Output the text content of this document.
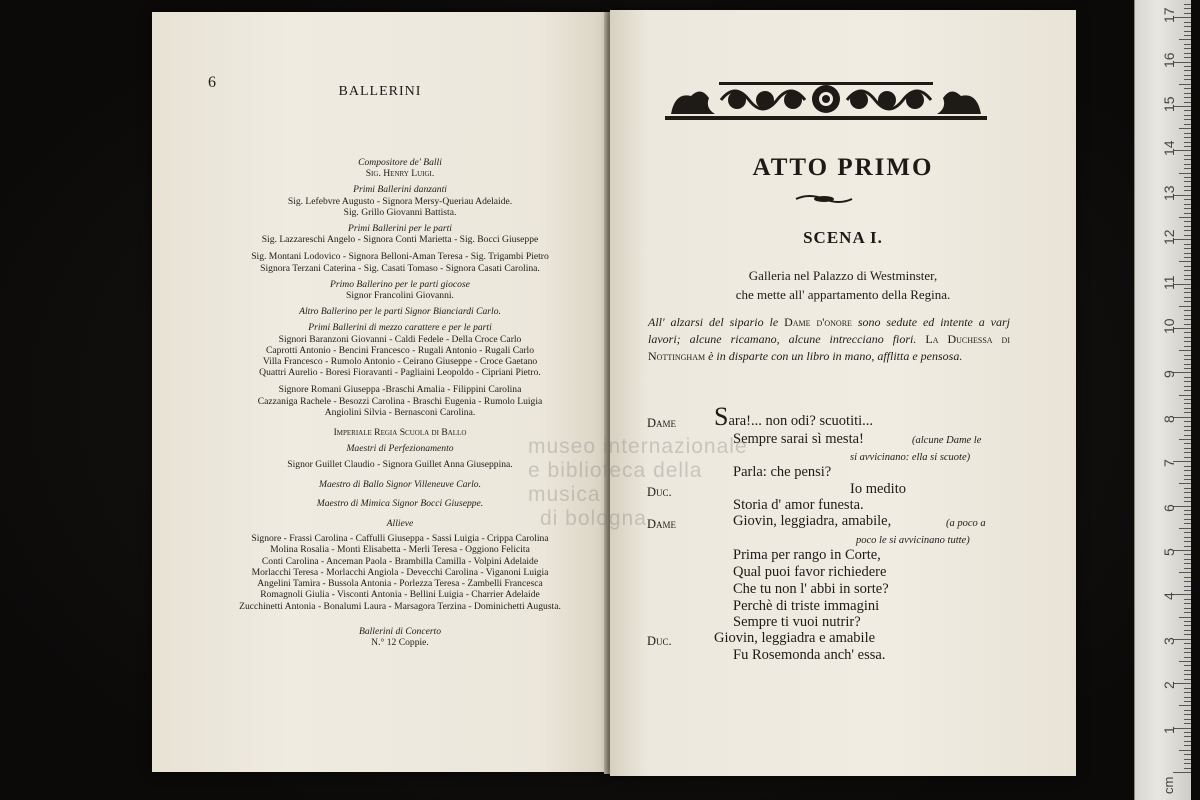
6
BALLERINI
Compositore de' Balli
Sig. Henry Luigi.
Primi Ballerini danzanti
Sig. Lefebvre Augusto - Signora Mersy-Queriau Adelaide.
Sig. Grillo Giovanni Battista.
Primi Ballerini per le parti
Sig. Lazzareschi Angelo - Signora Conti Marietta - Sig. Bocci Giuseppe
Sig. Montani Lodovico - Signora Belloni-Aman Teresa - Sig. Trigambi Pietro
Signora Terzani Caterina - Sig. Casati Tomaso - Signora Casati Carolina.
Primo Ballerino per le parti giocose
Signor Francolini Giovanni.
Altro Ballerino per le parti Signor Bianciardi Carlo.
Primi Ballerini di mezzo carattere e per le parti
Signori Baranzoni Giovanni - Caldi Fedele - Della Croce Carlo
Caprotti Antonio - Bencini Francesco - Rugali Antonio - Rugali Carlo
Villa Francesco - Rumolo Antonio - Ceirano Giuseppe - Croce Gaetano
Quattri Aurelio - Boresi Fioravanti - Pagliaini Leopoldo - Cipriani Pietro.
Signore Romani Giuseppa -Braschi Amalia - Filippini Carolina
Cazzaniga Rachele - Besozzi Carolina - Braschi Eugenia - Rumolo Luigia
Angiolini Silvia - Bernasconi Carolina.
Imperiale Regia Scuola di Ballo
Maestri di Perfezionamento
Signor Guillet Claudio - Signora Guillet Anna Giuseppina.
Maestro di Ballo Signor Villeneuve Carlo.
Maestro di Mimica Signor Bocci Giuseppe.
Allieve
Signore - Frassi Carolina - Caffulli Giuseppa - Sassi Luigia - Crippa Carolina
Molina Rosalia - Monti Elisabetta - Merli Teresa - Oggiono Felicita
Conti Carolina - Anceman Paola - Brambilla Camilla - Volpini Adelaide
Morlacchi Teresa - Morlacchi Angiola - Devecchi Carolina - Viganoni Luigia
Angelini Tamira - Bussola Antonia - Porlezza Teresa - Zambelli Francesca
Romagnoli Giulia - Visconti Antonia - Bellini Luigia - Charrier Adelaide
Zucchinetti Antonia - Bonalumi Laura - Marsagora Terzina - Dominichetti Augusta.
Ballerini di Concerto
N.° 12 Coppie.
ATTO PRIMO
SCENA I.
Galleria nel Palazzo di Westminster,
che mette all' appartamento della Regina.
All' alzarsi del sipario le Dame d'onore sono sedute ed intente a varj lavori; alcune ricamano, alcune intrecciano fiori. La Duchessa di Nottingham è in disparte con un libro in mano, afflitta e pensosa.
Dame Sara!... non odi? scuotiti...
Sempre sarai sì mesta!	(alcune Dame le
si avvicinano: ella si scuote)
Parla: che pensi?
Duc.	Io medito
Storia d' amor funesta.
Dame	Giovin, leggiadra, amabile,	(a poco a
poco le si avvicinano tutte)
Prima per rango in Corte,
Qual puoi favor richiedere
Che tu non l' abbi in sorte?
Perchè di triste immagini
Sempre ti vuoi nutrir?
Duc.	Giovin, leggiadra e amabile
Fu Rosemonda anch' essa.
museo internazionale
e biblioteca della musica
di bologna
cm
1
2
3
4
5
6
7
8
9
10
11
12
13
14
15
16
17
